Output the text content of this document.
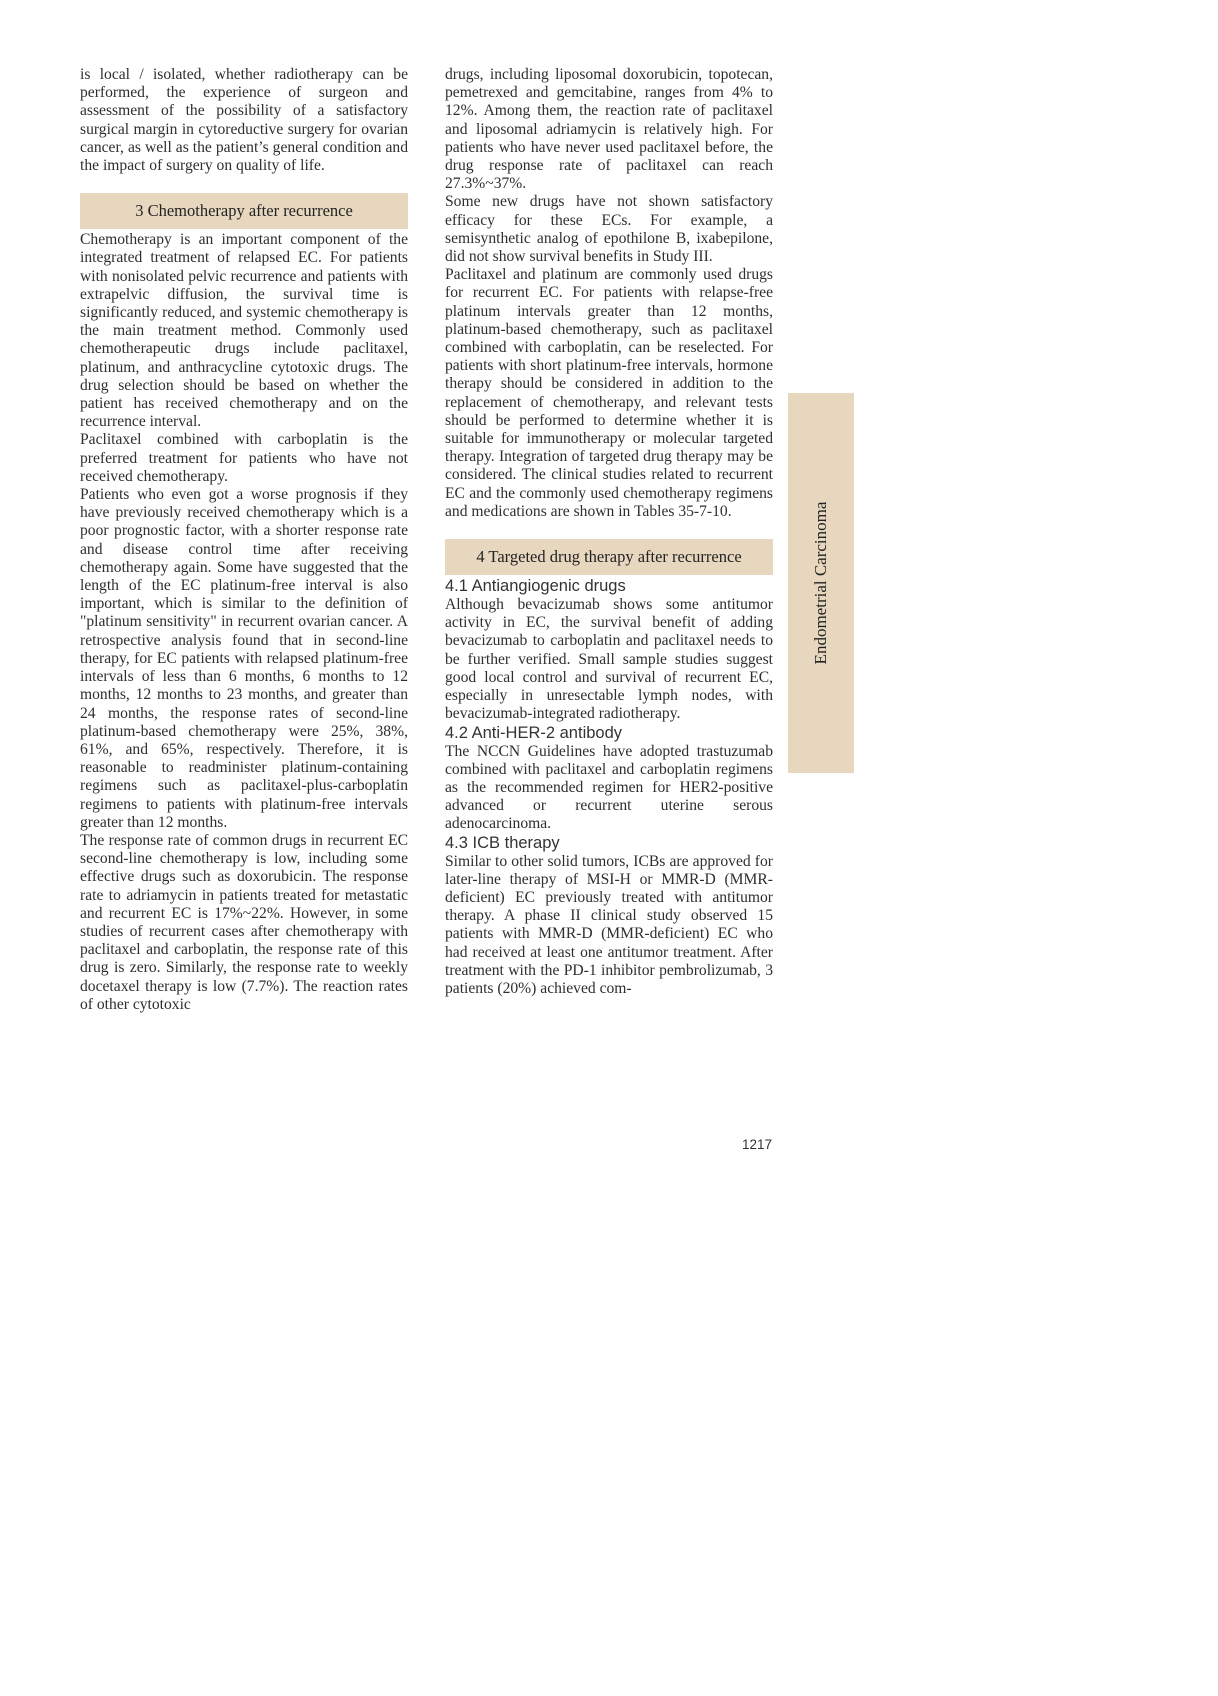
is local / isolated, whether radiotherapy can be performed, the experience of surgeon and assessment of the possibility of a satisfactory surgical margin in cytoreductive surgery for ovarian cancer, as well as the patient’s general condition and the impact of surgery on quality of life.

3 Chemotherapy after recurrence

Chemotherapy is an important component of the integrated treatment of relapsed EC. For patients with nonisolated pelvic recurrence and patients with extrapelvic diffusion, the survival time is significantly reduced, and systemic chemotherapy is the main treatment method. Commonly used chemotherapeutic drugs include paclitaxel, platinum, and anthracycline cytotoxic drugs. The drug selection should be based on whether the patient has received chemotherapy and on the recurrence interval.

Paclitaxel combined with carboplatin is the preferred treatment for patients who have not received chemotherapy.

Patients who even got a worse prognosis if they have previously received chemotherapy which is a poor prognostic factor, with a shorter response rate and disease control time after receiving chemotherapy again. Some have suggested that the length of the EC platinum-free interval is also important, which is similar to the definition of "platinum sensitivity" in recurrent ovarian cancer. A retrospective analysis found that in second-line therapy, for EC patients with relapsed platinum-free intervals of less than 6 months, 6 months to 12 months, 12 months to 23 months, and greater than 24 months, the response rates of second-line platinum-based chemotherapy were 25%, 38%, 61%, and 65%, respectively. Therefore, it is reasonable to readminister platinum-containing regimens such as paclitaxel-plus-carboplatin regimens to patients with platinum-free intervals greater than 12 months.

The response rate of common drugs in recurrent EC second-line chemotherapy is low, including some effective drugs such as doxorubicin. The response rate to adriamycin in patients treated for metastatic and recurrent EC is 17%~22%. However, in some studies of recurrent cases after chemotherapy with paclitaxel and carboplatin, the response rate of this drug is zero. Similarly, the response rate to weekly docetaxel therapy is low (7.7%). The reaction rates of other cytotoxic

drugs, including liposomal doxorubicin, topotecan, pemetrexed and gemcitabine, ranges from 4% to 12%. Among them, the reaction rate of paclitaxel and liposomal adriamycin is relatively high. For patients who have never used paclitaxel before, the drug response rate of paclitaxel can reach 27.3%~37%.

Some new drugs have not shown satisfactory efficacy for these ECs. For example, a semisynthetic analog of epothilone B, ixabepilone, did not show survival benefits in Study III.

Paclitaxel and platinum are commonly used drugs for recurrent EC. For patients with relapse-free platinum intervals greater than 12 months, platinum-based chemotherapy, such as paclitaxel combined with carboplatin, can be reselected. For patients with short platinum-free intervals, hormone therapy should be considered in addition to the replacement of chemotherapy, and relevant tests should be performed to determine whether it is suitable for immunotherapy or molecular targeted therapy. Integration of targeted drug therapy may be considered. The clinical studies related to recurrent EC and the commonly used chemotherapy regimens and medications are shown in Tables 35-7-10.

4 Targeted drug therapy after recurrence

4.1 Antiangiogenic drugs

Although bevacizumab shows some antitumor activity in EC, the survival benefit of adding bevacizumab to carboplatin and paclitaxel needs to be further verified. Small sample studies suggest good local control and survival of recurrent EC, especially in unresectable lymph nodes, with bevacizumab-integrated radiotherapy.

4.2 Anti-HER-2 antibody

The NCCN Guidelines have adopted trastuzumab combined with paclitaxel and carboplatin regimens as the recommended regimen for HER2-positive advanced or recurrent uterine serous adenocarcinoma.

4.3 ICB therapy

Similar to other solid tumors, ICBs are approved for later-line therapy of MSI-H or MMR-D (MMR-deficient) EC previously treated with antitumor therapy. A phase II clinical study observed 15 patients with MMR-D (MMR-deficient) EC who had received at least one antitumor treatment. After treatment with the PD-1 inhibitor pembrolizumab, 3 patients (20%) achieved com-

Endometrial Carcinoma
1217
